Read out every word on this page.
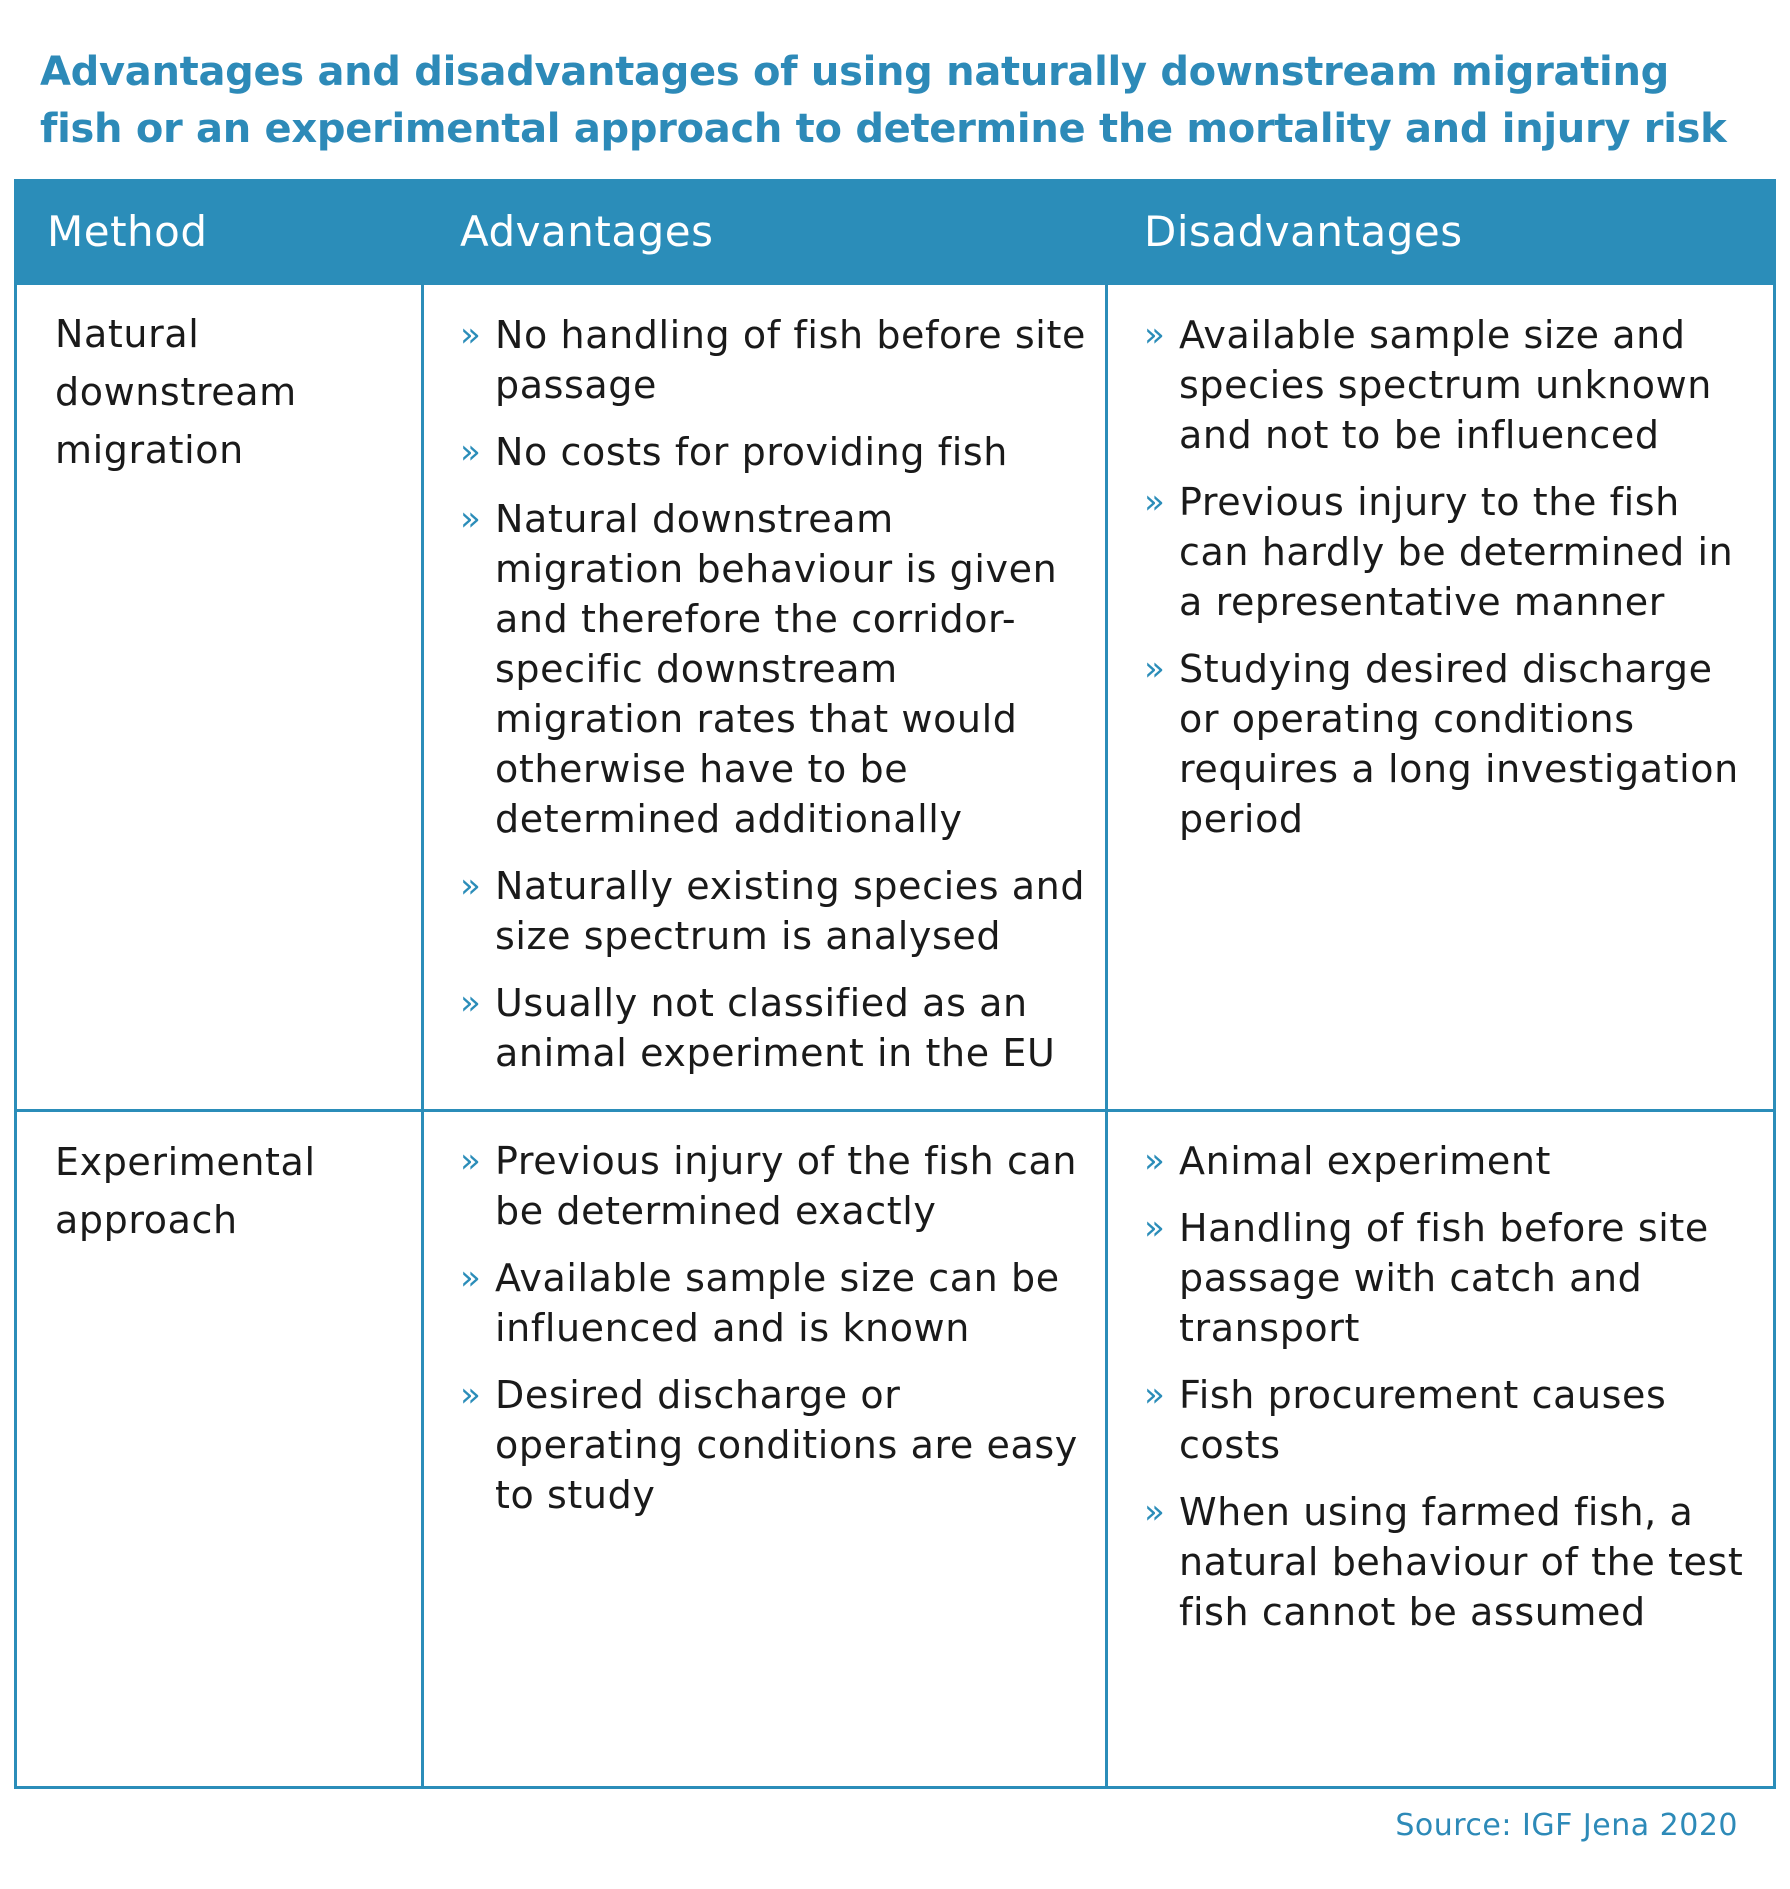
Advantages and disadvantages of using naturally downstream migrating fish or an experimental approach to determine the mortality and injury risk
Method	Advantages	Disadvantages
Natural
downstream
migration
» No handling of fish before site passage
» No costs for providing fish
» Natural downstream migration behaviour is given and therefore the corridor-specific downstream migration rates that would otherwise have to be determined additionally
» Naturally existing species and size spectrum is analysed
» Usually not classified as an animal experiment in the EU
» Available sample size and species spectrum unknown and not to be influenced
» Previous injury to the fish can hardly be determined in a representative manner
» Studying desired discharge or operating conditions requires a long investigation period
Experimental
approach
» Previous injury of the fish can be determined exactly
» Available sample size can be influenced and is known
» Desired discharge or operating conditions are easy to study
» Animal experiment
» Handling of fish before site passage with catch and transport
» Fish procurement causes costs
» When using farmed fish, a natural behaviour of the test fish cannot be assumed
Source: IGF Jena 2020
